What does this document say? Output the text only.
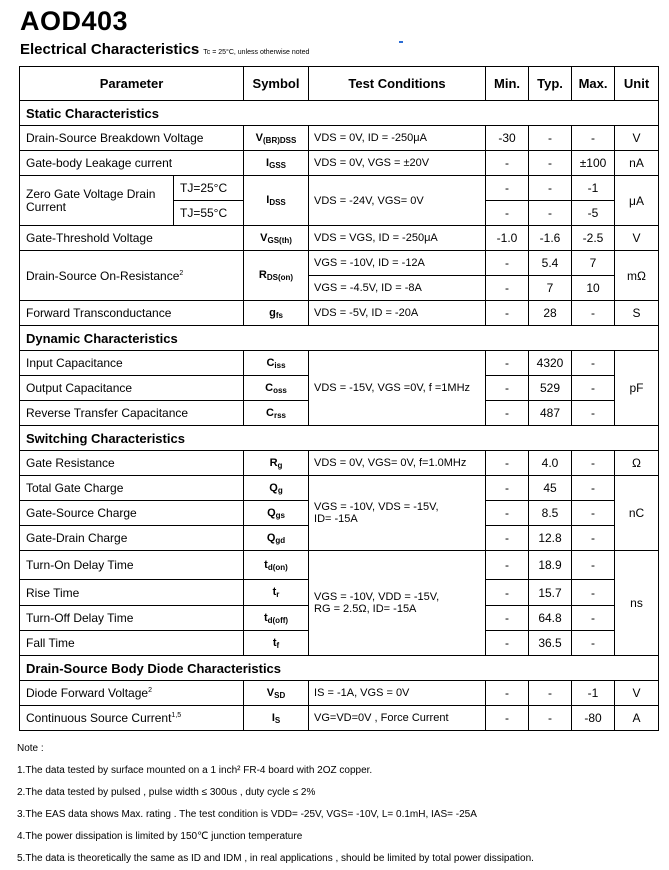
AOD403
Electrical Characteristics Tc = 25°C, unless otherwise noted
Parameter		Symbol	Test Conditions	Min.	Typ.	Max.	Unit
Static Characteristics							
Drain-Source Breakdown Voltage		$V_{(BR)DSS}$	VDS = 0V, ID = -250μA	-30	-	-	V
Gate-body Leakage current		$I_{GSS}$	VDS = 0V, VGS = ±20V	-	-	±100	nA
Zero Gate Voltage Drain Current	TJ=25°C	$I_{DSS}$	VDS = -24V, VGS= 0V	-	-	-1	μA
	TJ=55°C			-	-	-5	
Gate-Threshold Voltage		$V_{GS(th)}$	VDS = VGS, ID = -250μA	-1.0	-1.6	-2.5	V
Drain-Source On-Resistance$^2$		$R_{DS(on)}$	VGS = -10V, ID = -12A	-	5.4	7	mΩ
			VGS = -4.5V, ID = -8A	-	7	10	
Forward Transconductance		$g_{fs}$	VDS = -5V, ID = -20A	-	28	-	S
Dynamic Characteristics							
Input Capacitance		$C_{iss}$	VDS = -15V, VGS =0V, f =1MHz	-	4320	-	pF
Output Capacitance		$C_{oss}$		-	529	-	
Reverse Transfer Capacitance		$C_{rss}$		-	487	-	
Switching Characteristics							
Gate Resistance		$R_g$	VDS = 0V, VGS= 0V, f=1.0MHz	-	4.0	-	Ω
Total Gate Charge		$Q_g$	VGS = -10V, VDS = -15V,
ID= -15A	-	45	-	nC
Gate-Source Charge		$Q_{gs}$		-	8.5	-	
Gate-Drain Charge		$Q_{gd}$		-	12.8	-	
Turn-On Delay Time		$t_{d(on)}$	VGS = -10V, VDD = -15V,
RG = 2.5Ω, ID= -15A	-	18.9	-	ns
Rise Time		$t_r$		-	15.7	-	
Turn-Off Delay Time		$t_{d(off)}$		-	64.8	-	
Fall Time		$t_f$		-	36.5	-	
Drain-Source Body Diode Characteristics							
Diode Forward Voltage$^2$		$V_{SD}$	IS = -1A, VGS = 0V	-	-	-1	V
Continuous Source Current$^{1,5}$		$I_S$	VG=VD=0V , Force Current	-	-	-80	A
Note :
1.The data tested by surface mounted on a 1 inch² FR-4 board with 2OZ copper.
2.The data tested by pulsed , pulse width ≤ 300us , duty cycle ≤ 2%
3.The EAS data shows Max. rating . The test condition is VDD= -25V, VGS= -10V, L= 0.1mH, IAS= -25A
4.The power dissipation is limited by 150℃ junction temperature
5.The data is theoretically the same as ID and IDM , in real applications , should be limited by total power dissipation.
